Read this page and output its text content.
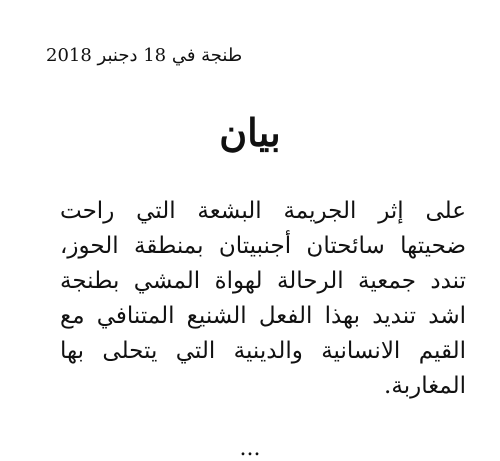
طنجة في 18 دجنبر 2018
بيان
على إثر الجريمة البشعة التي راحت
ضحيتها سائحتان أجنبيتان بمنطقة الحوز،
تندد جمعية الرحالة لهواة المشي بطنجة
اشد تنديد بهذا الفعل الشنيع المتنافي مع
القيم الانسانية والدينية التي يتحلى بها
المغاربة.
...
